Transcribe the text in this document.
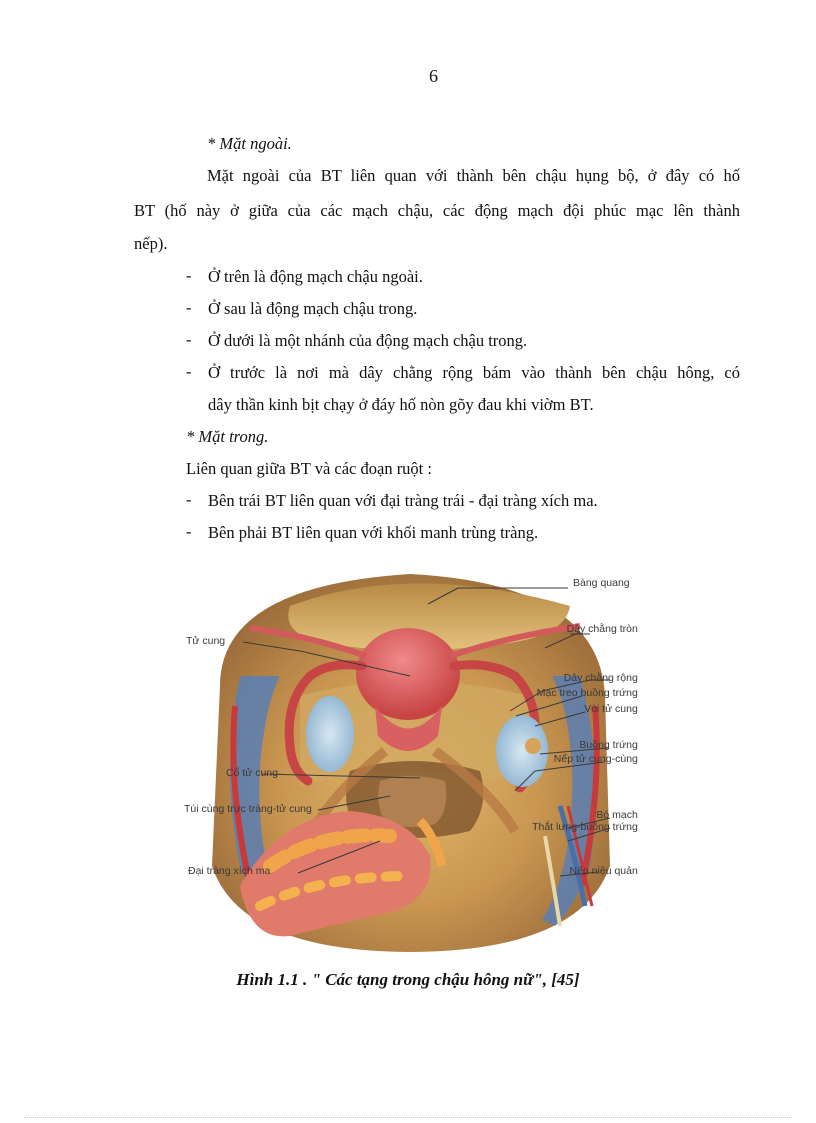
6
* Mặt ngoài.
Mặt ngoài của BT liên quan với thành bên chậu hụng bộ, ở đây có hố
BT (hố này ở giữa của các mạch chậu, các động mạch đội phúc mạc lên thành
nếp).
- Ở trên là động mạch chậu ngoài.
- Ở sau là động mạch chậu trong.
- Ở dưới là một nhánh của động mạch chậu trong.
- Ở trước là nơi mà dây chằng rộng bám vào thành bên chậu hông, có
dây thần kinh bịt chạy ở đáy hố nòn gõy đau khi viờm BT.
* Mặt trong.
Liên quan giữa BT và các đoạn ruột :
- Bên trái BT liên quan với đại tràng trái - đại tràng xích ma.
- Bên phải BT liên quan với khối manh trùng tràng.
Bàng quang
Dây chằng tròn
Tử cung
Dây chằng rộng
Mạc treo buồng trứng
Vòi tử cung
Buồng trứng
Nếp tử cung-cùng
Cổ tử cung
Túi cùng trực tràng-tử cung	Bó mạch
Thắt lưng-buồng trứng
Đại tràng xích ma	Nếp niệu quản
Hình 1.1 . " Các tạng trong chậu hông nữ", [45]
